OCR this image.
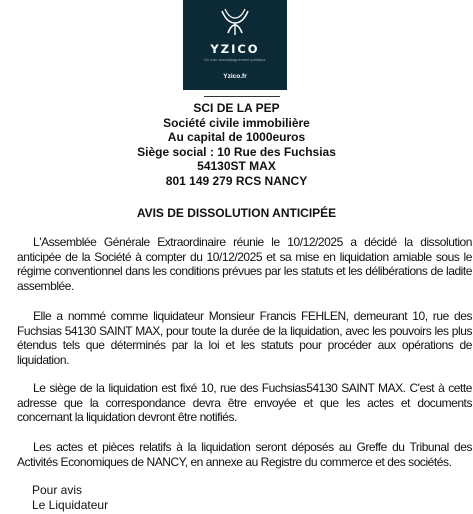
YZICO
Du coin accompagnement juridique
Yzico.fr
SCI DE LA PEP
Société civile immobilière
Au capital de 1000euros
Siège social : 10 Rue des Fuchsias
54130ST MAX
801 149 279 RCS NANCY
AVIS DE DISSOLUTION ANTICIPÉE

L'Assemblée Générale Extraordinaire réunie le 10/12/2025 a décidé la dissolution anticipée de la Société à compter du 10/12/2025 et sa mise en liquidation amiable sous le régime conventionnel dans les conditions prévues par les statuts et les délibérations de ladite assemblée.

Elle a nommé comme liquidateur Monsieur Francis FEHLEN, demeurant 10, rue des Fuchsias 54130 SAINT MAX, pour toute la durée de la liquidation, avec les pouvoirs les plus étendus tels que déterminés par la loi et les statuts pour procéder aux opérations de liquidation.

Le siège de la liquidation est fixé 10, rue des Fuchsias54130 SAINT MAX. C'est à cette adresse que la correspondance devra être envoyée et que les actes et documents concernant la liquidation devront être notifiés.

Les actes et pièces relatifs à la liquidation seront déposés au Greffe du Tribunal des Activités Economiques de NANCY, en annexe au Registre du commerce et des sociétés.

Pour avis
Le Liquidateur
